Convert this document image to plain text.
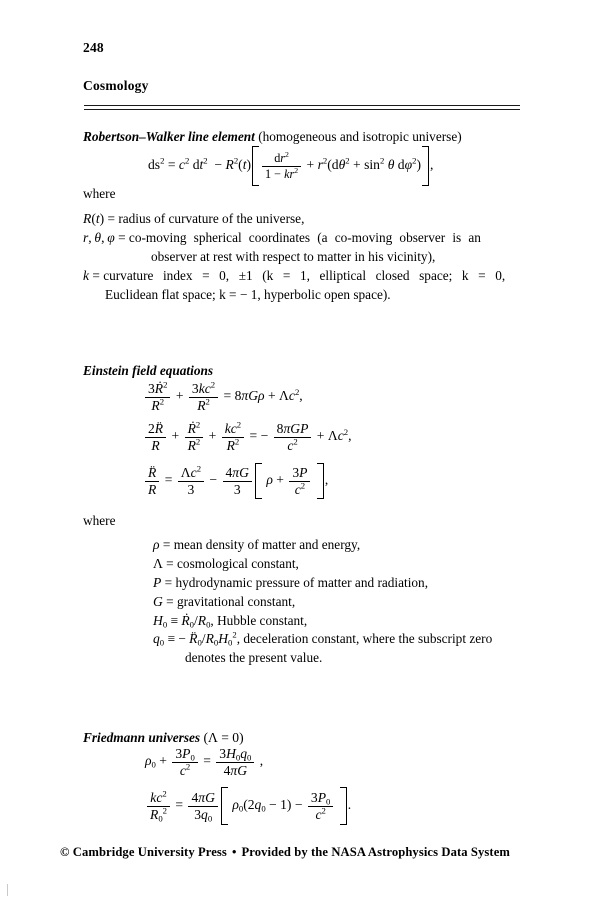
248
Cosmology
Robertson–Walker line element (homogeneous and isotropic universe)
$ds^2 = c^2$ $dt^2 - R^2(t) \frac{dr^2}{1 - kr^2} + r^2(d\theta^2 + \sin^2 \theta$ $d\varphi^2$) ,
where
R(t) = radius of curvature of the universe,
r, θ, φ = co-moving spherical coordinates (a co-moving observer is an
observer at rest with respect to matter in his vicinity),
k = curvature index = 0, ±1 (k = 1, elliptical closed space; k = 0,
Euclidean flat space; k = − 1, hyperbolic open space).
Einstein field equations
$\frac{3Ṙ^2}{R^2} + \frac{3kc^2}{R^2} = 8\pi G\rho + \Lambda c^2$,
$\frac{2R̈}{R} + \frac{Ṙ^2}{R^2} + \frac{kc^2}{R^2}$ = − $\frac{\text{8πGP}}{c^2} + \Lambda c^2$,
$\frac{R̈}{R} = \frac{\Lambda c^2}{3} - \frac{4\pi G}{3}$ $\rho + \frac{3P}{c^2}$ ,
where
ρ = mean density of matter and energy,
Λ = cosmological constant,
P = hydrodynamic pressure of matter and radiation,
G = gravitational constant,
$H_0$ ≡ $Ṙ_0/R_0$, Hubble constant,
$q_0$ ≡ − $R̈_0/R_0H_0^2$, deceleration constant, where the subscript zero
denotes the present value.
Friedmann universes (Λ = 0)
$\rho_0 + \frac{3P_0}{c^2} = \frac{3H_0q_0}{4\pi G}$ ,
$\frac{kc^2}{R_0^2} = \frac{4\pi G}{3q_0} \rho_0(2q_0 - 1) - \frac{3P_0}{c^2}$ .
© Cambridge University Press • Provided by the NASA Astrophysics Data System
